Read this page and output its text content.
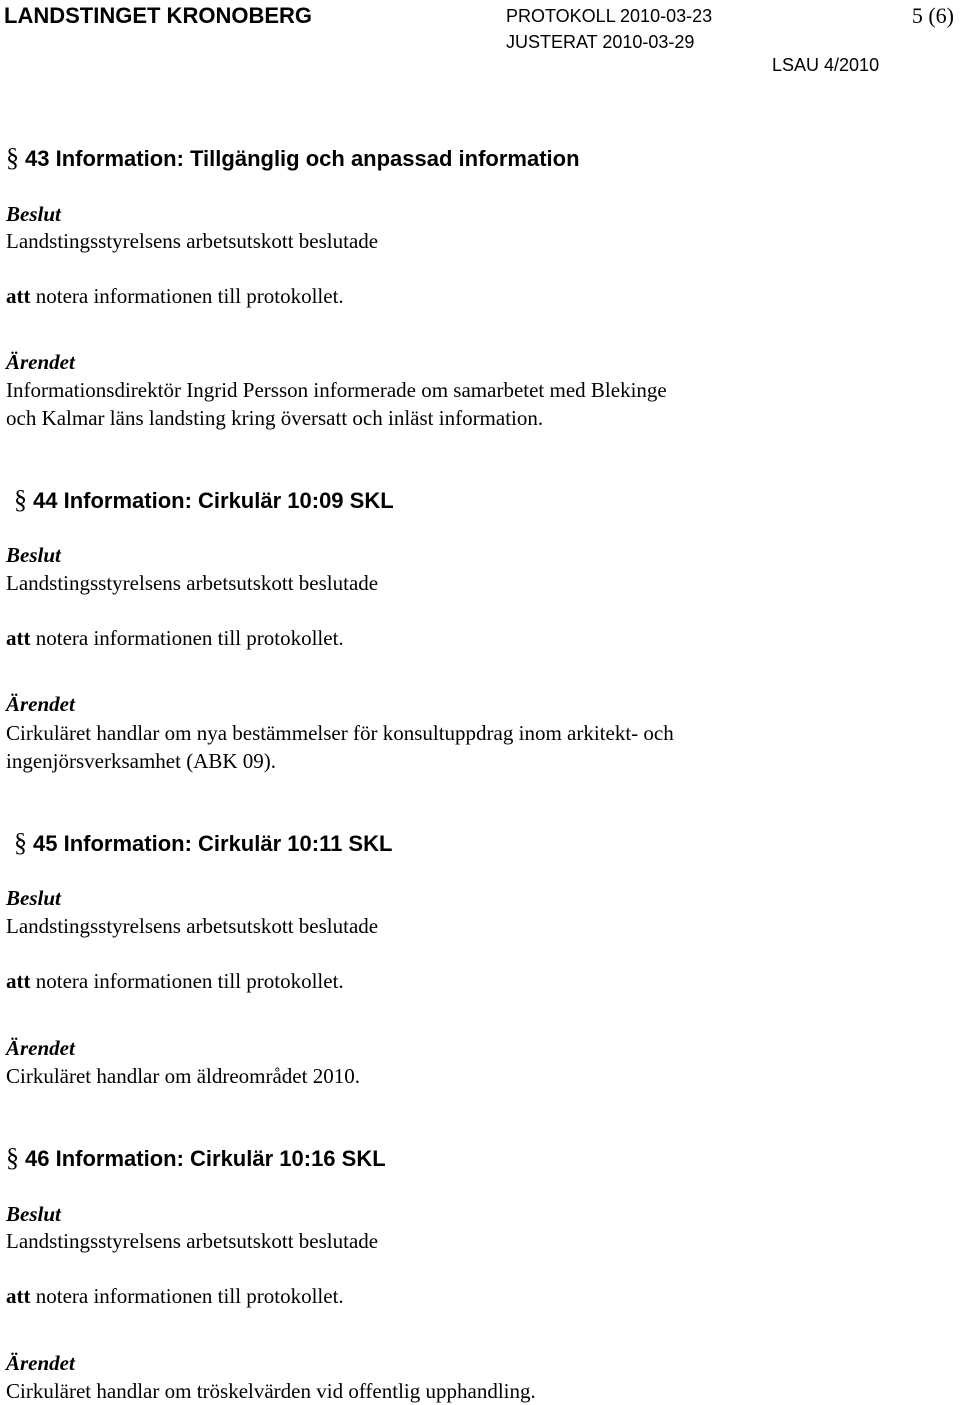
LANDSTINGET KRONOBERG	PROTOKOLL 2010-03-23
JUSTERAT 2010-03-29
5 (6)
LSAU 4/2010
§ 43 Information: Tillgänglig och anpassad information
Beslut
Landstingsstyrelsens arbetsutskott beslutade
att notera informationen till protokollet.
Ärendet
Informationsdirektör Ingrid Persson informerade om samarbetet med Blekinge
och Kalmar läns landsting kring översatt och inläst information.
§ 44 Information: Cirkulär 10:09 SKL
Beslut
Landstingsstyrelsens arbetsutskott beslutade
att notera informationen till protokollet.
Ärendet
Cirkuläret handlar om nya bestämmelser för konsultuppdrag inom arkitekt- och
ingenjörsverksamhet (ABK 09).
§ 45 Information: Cirkulär 10:11 SKL
Beslut
Landstingsstyrelsens arbetsutskott beslutade
att notera informationen till protokollet.
Ärendet
Cirkuläret handlar om äldreområdet 2010.
§ 46 Information: Cirkulär 10:16 SKL
Beslut
Landstingsstyrelsens arbetsutskott beslutade
att notera informationen till protokollet.
Ärendet
Cirkuläret handlar om tröskelvärden vid offentlig upphandling.
